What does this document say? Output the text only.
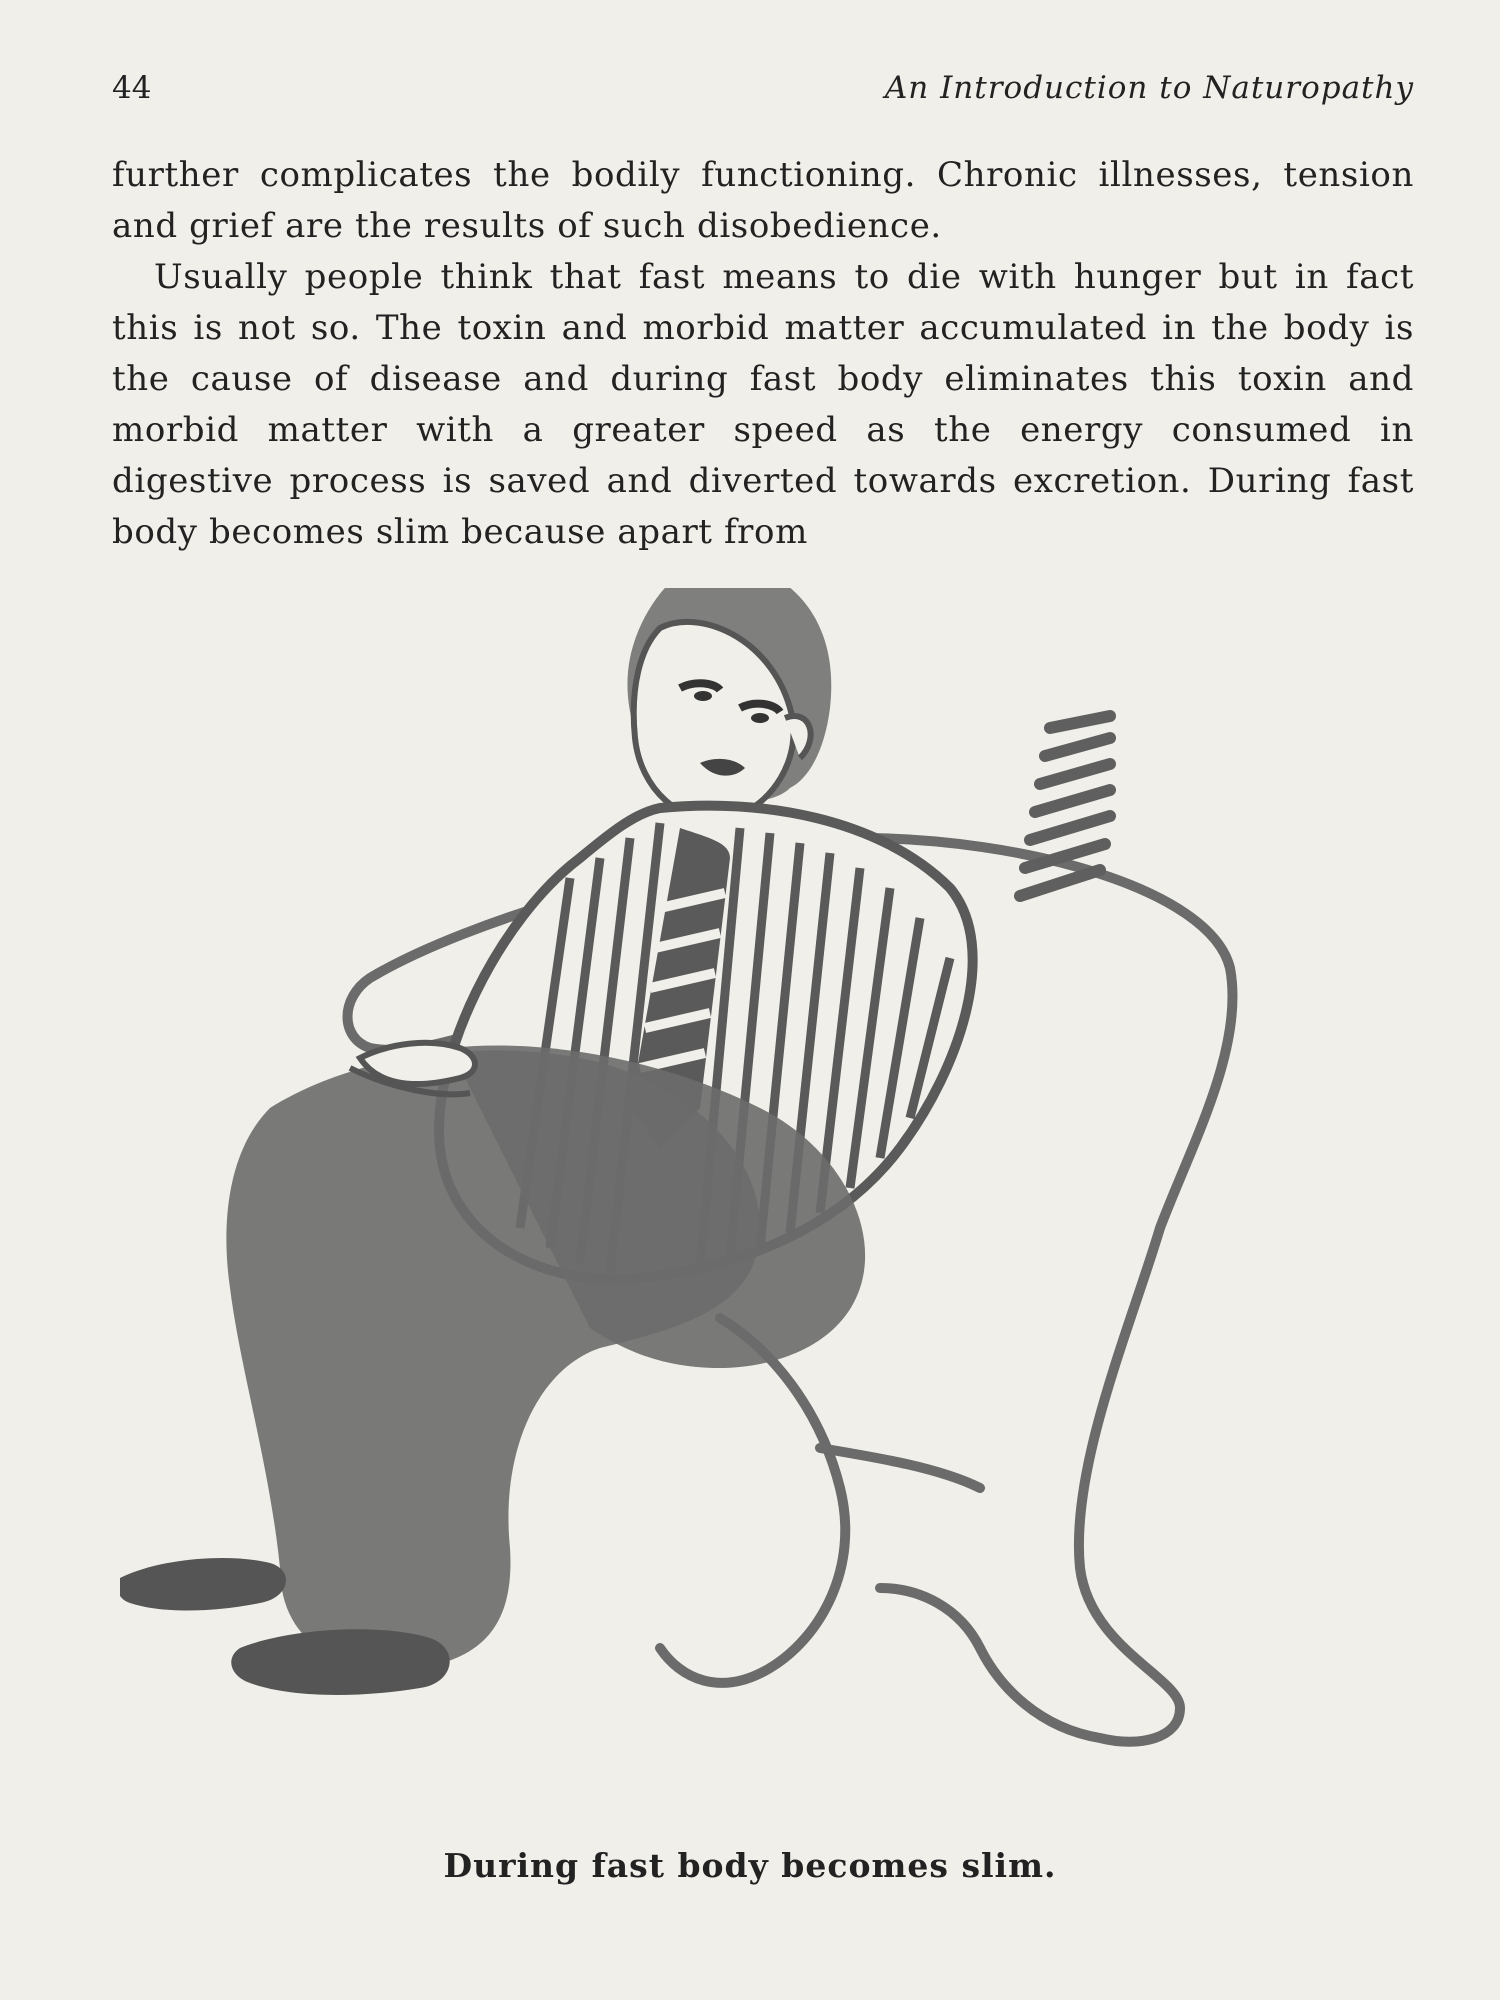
44	An Introduction to Naturopathy

further complicates the bodily functioning. Chronic illnesses, tension and grief are the results of such disobedience.

Usually people think that fast means to die with hunger but in fact this is not so. The toxin and morbid matter accumulated in the body is the cause of disease and during fast body eliminates this toxin and morbid matter with a greater speed as the energy consumed in digestive process is saved and diverted towards excretion. During fast body becomes slim because apart from

During fast body becomes slim.
